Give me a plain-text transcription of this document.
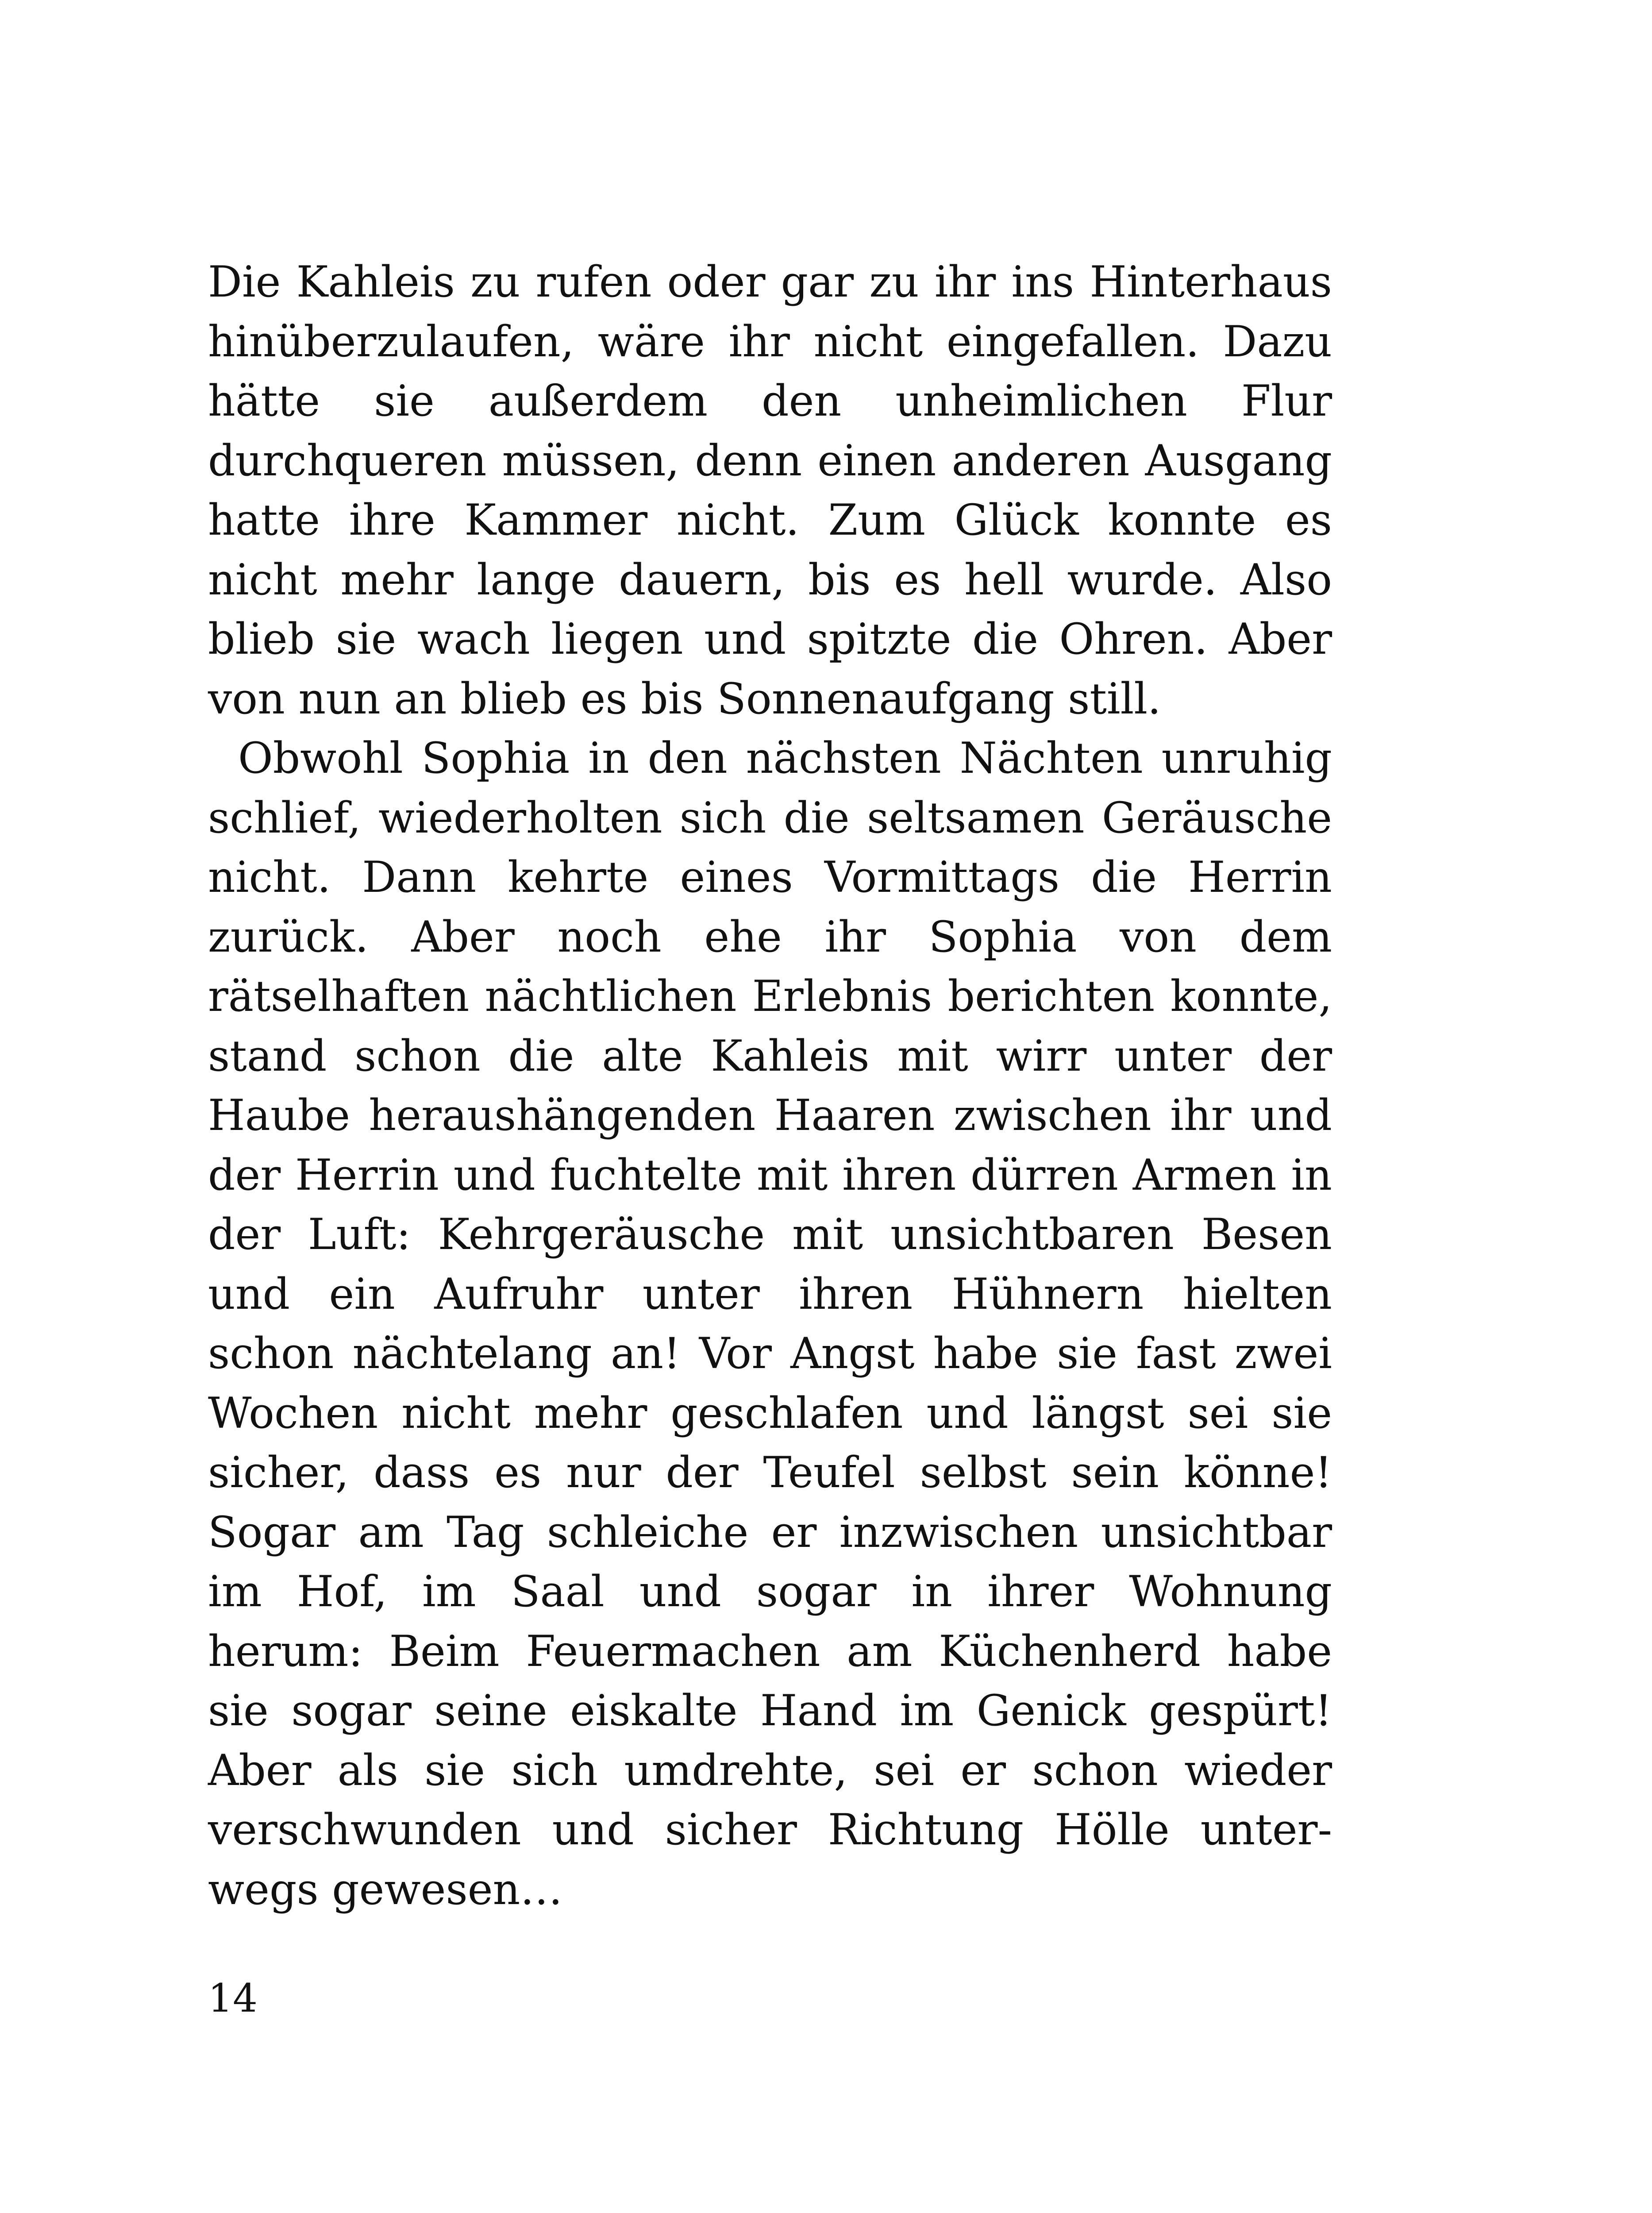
Die Kahleis zu rufen oder gar zu ihr ins Hinterhaus
hinüberzulaufen, wäre ihr nicht eingefallen. Dazu
hätte sie außerdem den unheimlichen Flur
durchqueren müssen, denn einen anderen Ausgang
hatte ihre Kammer nicht. Zum Glück konnte es
nicht mehr lange dauern, bis es hell wurde. Also
blieb sie wach liegen und spitzte die Ohren. Aber
von nun an blieb es bis Sonnenaufgang still.

Obwohl Sophia in den nächsten Nächten unruhig
schlief, wiederholten sich die seltsamen Geräusche
nicht. Dann kehrte eines Vormittags die Herrin
zurück. Aber noch ehe ihr Sophia von dem
rätselhaften nächtlichen Erlebnis berichten konnte,
stand schon die alte Kahleis mit wirr unter der
Haube heraushängenden Haaren zwischen ihr und
der Herrin und fuchtelte mit ihren dürren Armen in
der Luft: Kehrgeräusche mit unsichtbaren Besen
und ein Aufruhr unter ihren Hühnern hielten
schon nächtelang an! Vor Angst habe sie fast zwei
Wochen nicht mehr geschlafen und längst sei sie
sicher, dass es nur der Teufel selbst sein könne!
Sogar am Tag schleiche er inzwischen unsichtbar
im Hof, im Saal und sogar in ihrer Wohnung
herum: Beim Feuermachen am Küchenherd habe
sie sogar seine eiskalte Hand im Genick gespürt!
Aber als sie sich umdrehte, sei er schon wieder
verschwunden und sicher Richtung Hölle unter-
wegs gewesen…

14
